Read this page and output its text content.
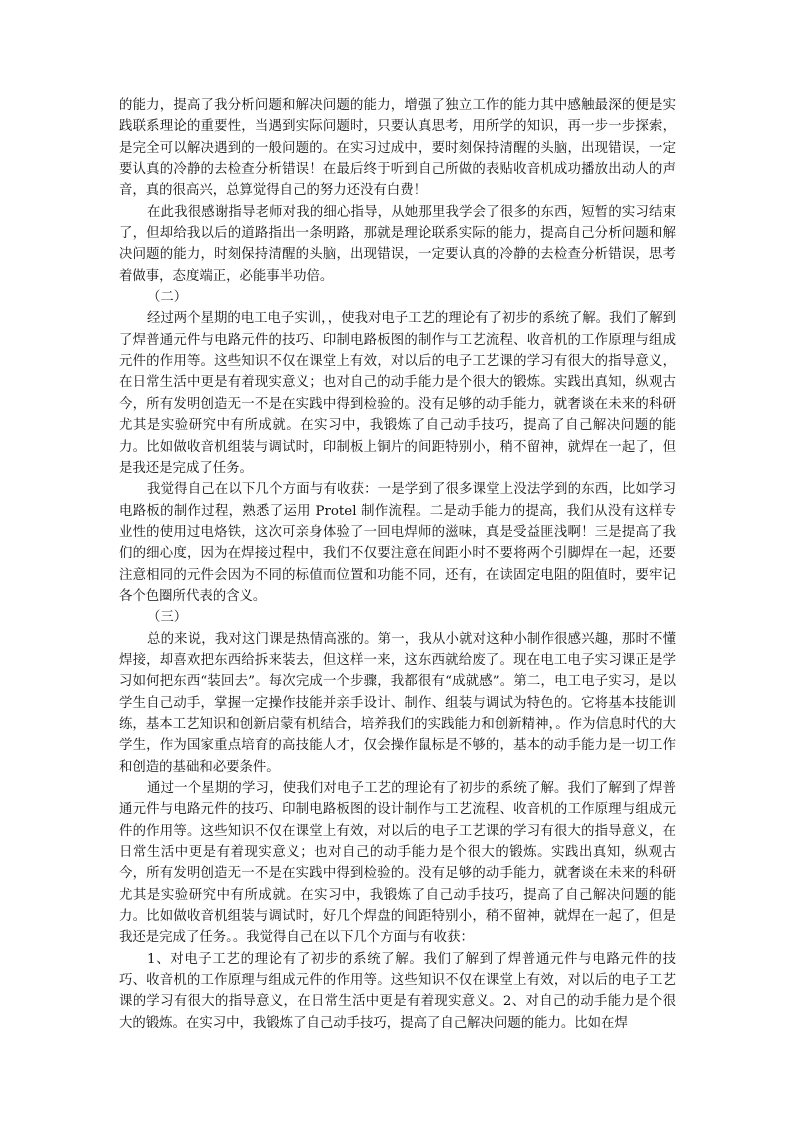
的能力，提高了我分析问题和解决问题的能力，增强了独立工作的能力其中感触最深的便是实践联系理论的重要性，当遇到实际问题时，只要认真思考，用所学的知识，再一步一步探索，是完全可以解决遇到的一般问题的。在实习过成中，要时刻保持清醒的头脑，出现错误，一定要认真的冷静的去检查分析错误！在最后终于听到自己所做的表贴收音机成功播放出动人的声音，真的很高兴，总算觉得自己的努力还没有白费！

在此我很感谢指导老师对我的细心指导，从她那里我学会了很多的东西，短暂的实习结束了，但却给我以后的道路指出一条明路，那就是理论联系实际的能力，提高自己分析问题和解决问题的能力，时刻保持清醒的头脑，出现错误，一定要认真的冷静的去检查分析错误，思考着做事，态度端正，必能事半功倍。

（二）

经过两个星期的电工电子实训，，使我对电子工艺的理论有了初步的系统了解。我们了解到了焊普通元件与电路元件的技巧、印制电路板图的制作与工艺流程、收音机的工作原理与组成元件的作用等。这些知识不仅在课堂上有效，对以后的电子工艺课的学习有很大的指导意义，在日常生活中更是有着现实意义；也对自己的动手能力是个很大的锻炼。实践出真知，纵观古今，所有发明创造无一不是在实践中得到检验的。没有足够的动手能力，就奢谈在未来的科研尤其是实验研究中有所成就。在实习中，我锻炼了自己动手技巧，提高了自己解决问题的能力。比如做收音机组装与调试时，印制板上铜片的间距特别小，稍不留神，就焊在一起了，但是我还是完成了任务。

我觉得自己在以下几个方面与有收获：一是学到了很多课堂上没法学到的东西，比如学习电路板的制作过程，熟悉了运用 Protel 制作流程。二是动手能力的提高，我们从没有这样专业性的使用过电烙铁，这次可亲身体验了一回电焊师的滋味，真是受益匪浅啊！三是提高了我们的细心度，因为在焊接过程中，我们不仅要注意在间距小时不要将两个引脚焊在一起，还要注意相同的元件会因为不同的标值而位置和功能不同，还有，在读固定电阻的阻值时，要牢记各个色圈所代表的含义。

（三）

总的来说，我对这门课是热情高涨的。第一，我从小就对这种小制作很感兴趣，那时不懂焊接，却喜欢把东西给拆来装去，但这样一来，这东西就给废了。现在电工电子实习课正是学习如何把东西“装回去”。每次完成一个步骤，我都很有“成就感”。第二，电工电子实习，是以学生自己动手，掌握一定操作技能并亲手设计、制作、组装与调试为特色的。它将基本技能训练，基本工艺知识和创新启蒙有机结合，培养我们的实践能力和创新精神，。作为信息时代的大学生，作为国家重点培育的高技能人才，仅会操作鼠标是不够的，基本的动手能力是一切工作和创造的基础和必要条件。

通过一个星期的学习，使我们对电子工艺的理论有了初步的系统了解。我们了解到了焊普通元件与电路元件的技巧、印制电路板图的设计制作与工艺流程、收音机的工作原理与组成元件的作用等。这些知识不仅在课堂上有效，对以后的电子工艺课的学习有很大的指导意义，在日常生活中更是有着现实意义；也对自己的动手能力是个很大的锻炼。实践出真知，纵观古今，所有发明创造无一不是在实践中得到检验的。没有足够的动手能力，就奢谈在未来的科研尤其是实验研究中有所成就。在实习中，我锻炼了自己动手技巧，提高了自己解决问题的能力。比如做收音机组装与调试时，好几个焊盘的间距特别小，稍不留神，就焊在一起了，但是我还是完成了任务。。我觉得自己在以下几个方面与有收获：

1、对电子工艺的理论有了初步的系统了解。我们了解到了焊普通元件与电路元件的技巧、收音机的工作原理与组成元件的作用等。这些知识不仅在课堂上有效，对以后的电子工艺课的学习有很大的指导意义，在日常生活中更是有着现实意义。2、对自己的动手能力是个很大的锻炼。在实习中，我锻炼了自己动手技巧，提高了自己解决问题的能力。比如在焊
